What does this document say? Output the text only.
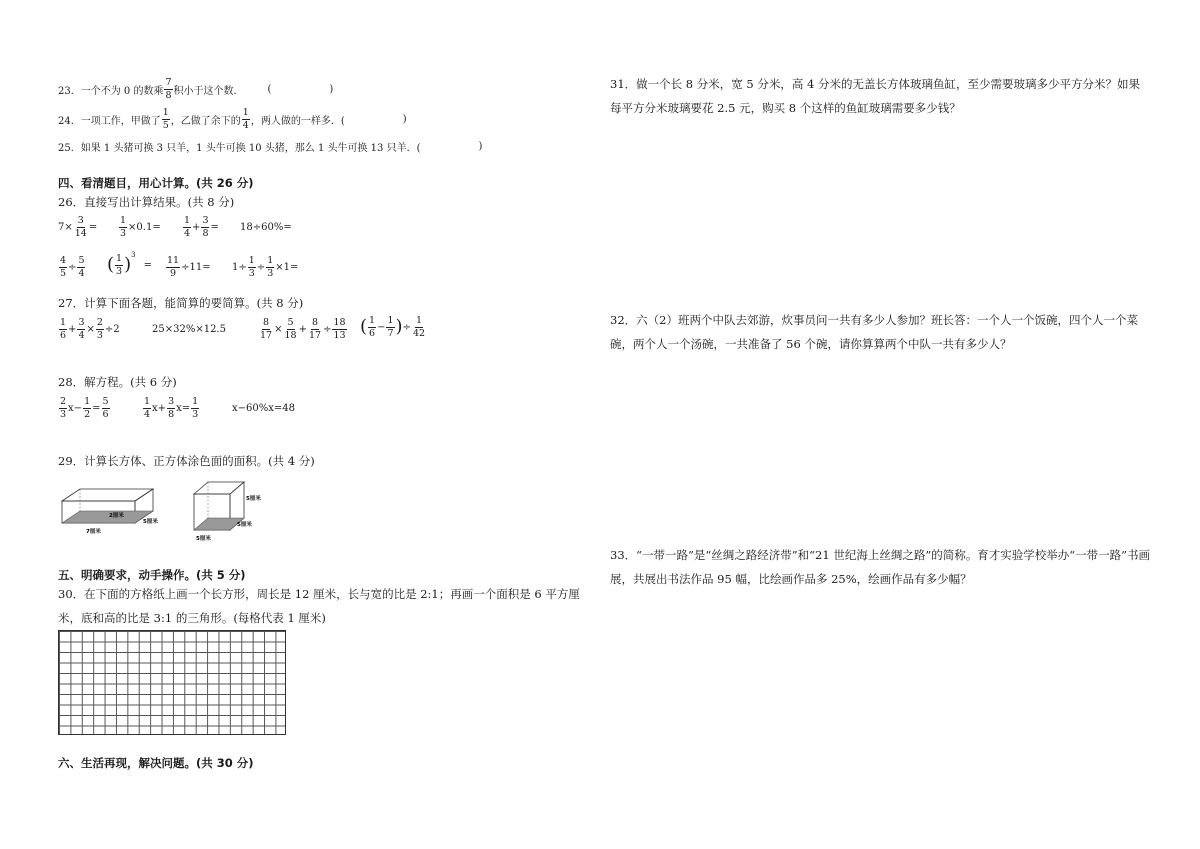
23． 一个不为 0 的数乘 $\frac{7}{8}$ 积小于这个数． (	)
24． 一项工作，甲做了 $\frac{1}{5}$ ，乙做了余下的 $\frac{1}{4}$ ，两人做的一样多．(	)
25．如果 1 头猪可换 3 只羊，1 头牛可换 10 头猪，那么 1 头牛可换 13 只羊．(	)
四、看清题目，用心计算。(共 26 分)
26．直接写出计算结果。(共 8 分)
$7\times \frac{3}{14} = \frac{1}{3} \times 0.1= \frac{1}{4} + \frac{3}{8} = 18\div 60\%=$
$\frac{4}{5} \div \frac{5}{4}$ ( $\frac{1}{3}$ ) 3
= $\frac{11}{9} \div 11= 1\div \frac{1}{3} \div \frac{1}{3} \times 1=$
27．计算下面各题，能简算的要简算。(共 8 分)
$\frac{1}{6} + \frac{3}{4} \times \frac{2}{3} \div 2$	25×32%×12.5	$\frac{8}{17} \times \frac{5}{18} + \frac{8}{17} \div \frac{18}{13}$ ( $\frac{1}{6} - \frac{1}{7}$ ) ÷ $\frac{1}{42}$
28．解方程。(共 6 分)
$\frac{2}{3} x- \frac{1}{2} = \frac{5}{6}$	$\frac{1}{4} x+ \frac{3}{8} x= \frac{1}{3}$	x−60%x=48
29．计算长方体、正方体涂色面的面积。(共 4 分)
2厘米
5厘米
7厘米
5厘米
5厘米
5厘米
五、明确要求，动手操作。(共 5 分)
30．在下面的方格纸上画一个长方形，周长是 12 厘米，长与宽的比是 2:1；再画一个面积是 6 平方厘米，底和高的比是 3:1 的三角形。(每格代表 1 厘米)
六、生活再现，解决问题。(共 30 分)
31．做一个长 8 分米，宽 5 分米，高 4 分米的无盖长方体玻璃鱼缸，至少需要玻璃多少平方分米？如果每平方分米玻璃要花 2.5 元，购买 8 个这样的鱼缸玻璃需要多少钱？
32．六（2）班两个中队去郊游，炊事员问一共有多少人参加？班长答：一个人一个饭碗，四个人一个菜碗，两个人一个汤碗，一共准备了 56 个碗，请你算算两个中队一共有多少人？
33．“一带一路”是“丝绸之路经济带”和“21 世纪海上丝绸之路”的简称。育才实验学校举办“一带一路”书画展，共展出书法作品 95 幅，比绘画作品多 25%，绘画作品有多少幅？
